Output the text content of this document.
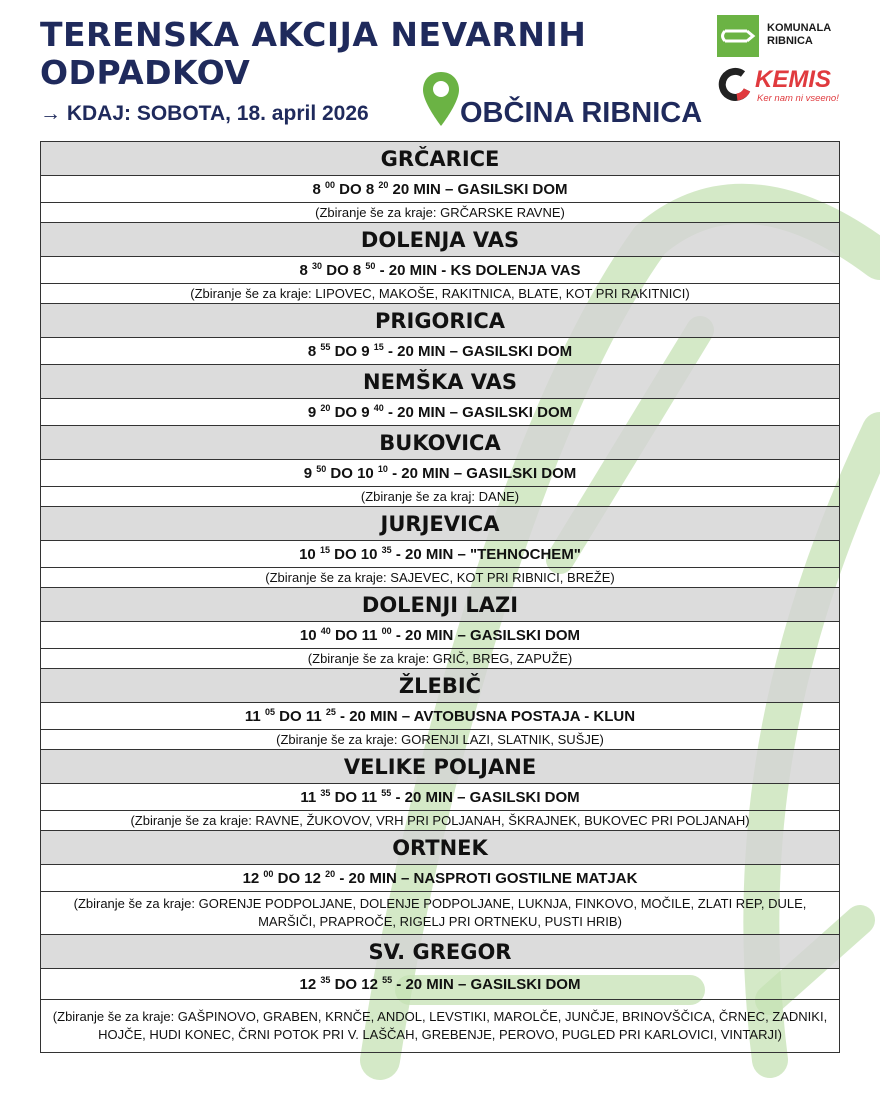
TERENSKA AKCIJA NEVARNIH
ODPADKOV
→ KDAJ: SOBOTA, 18. april 2026	OBČINA RIBNICA
KOMUNALA
RIBNICA
KEMIS
Ker nam ni vseeno!
GRČARICE
8 $^{00}$ DO 8 $^{20}$ 20 MIN – GASILSKI DOM
(Zbiranje še za kraje: GRČARSKE RAVNE)
DOLENJA VAS
8 $^{30}$ DO 8 $^{50}$ - 20 MIN - KS DOLENJA VAS
(Zbiranje še za kraje: LIPOVEC, MAKOŠE, RAKITNICA, BLATE, KOT PRI RAKITNICI)
PRIGORICA
8 $^{55}$ DO 9 $^{15}$ - 20 MIN – GASILSKI DOM
NEMŠKA VAS
9 $^{20}$ DO 9 $^{40}$ - 20 MIN – GASILSKI DOM
BUKOVICA
9 $^{50}$ DO 10 $^{10}$ - 20 MIN – GASILSKI DOM
(Zbiranje še za kraj: DANE)
JURJEVICA
10 $^{15}$ DO 10 $^{35}$ - 20 MIN – "TEHNOCHEM"
(Zbiranje še za kraje: SAJEVEC, KOT PRI RIBNICI, BREŽE)
DOLENJI LAZI
10 $^{40}$ DO 11 $^{00}$ - 20 MIN – GASILSKI DOM
(Zbiranje še za kraje: GRIČ, BREG, ZAPUŽE)
ŽLEBIČ
11 $^{05}$ DO 11 $^{25}$ - 20 MIN – AVTOBUSNA POSTAJA - KLUN
(Zbiranje še za kraje: GORENJI LAZI, SLATNIK, SUŠJE)
VELIKE POLJANE
11 $^{35}$ DO 11 $^{55}$ - 20 MIN – GASILSKI DOM
(Zbiranje še za kraje: RAVNE, ŽUKOVOV, VRH PRI POLJANAH, ŠKRAJNEK, BUKOVEC PRI POLJANAH)
ORTNEK
12 $^{00}$ DO 12 $^{20}$ - 20 MIN – NASPROTI GOSTILNE MATJAK
(Zbiranje še za kraje: GORENJE PODPOLJANE, DOLENJE PODPOLJANE, LUKNJA, FINKOVO, MOČILE, ZLATI REP, DULE, MARŠIČI, PRAPROČE, RIGELJ PRI ORTNEKU, PUSTI HRIB)
SV. GREGOR
12 $^{35}$ DO 12 $^{55}$ - 20 MIN – GASILSKI DOM
(Zbiranje še za kraje: GAŠPINOVO, GRABEN, KRNČE, ANDOL, LEVSTIKI, MAROLČE, JUNČJE, BRINOVŠČICA, ČRNEC, ZADNIKI, HOJČE, HUDI KONEC, ČRNI POTOK PRI V. LAŠČAH, GREBENJE, PEROVO, PUGLED PRI KARLOVICI, VINTARJI)
